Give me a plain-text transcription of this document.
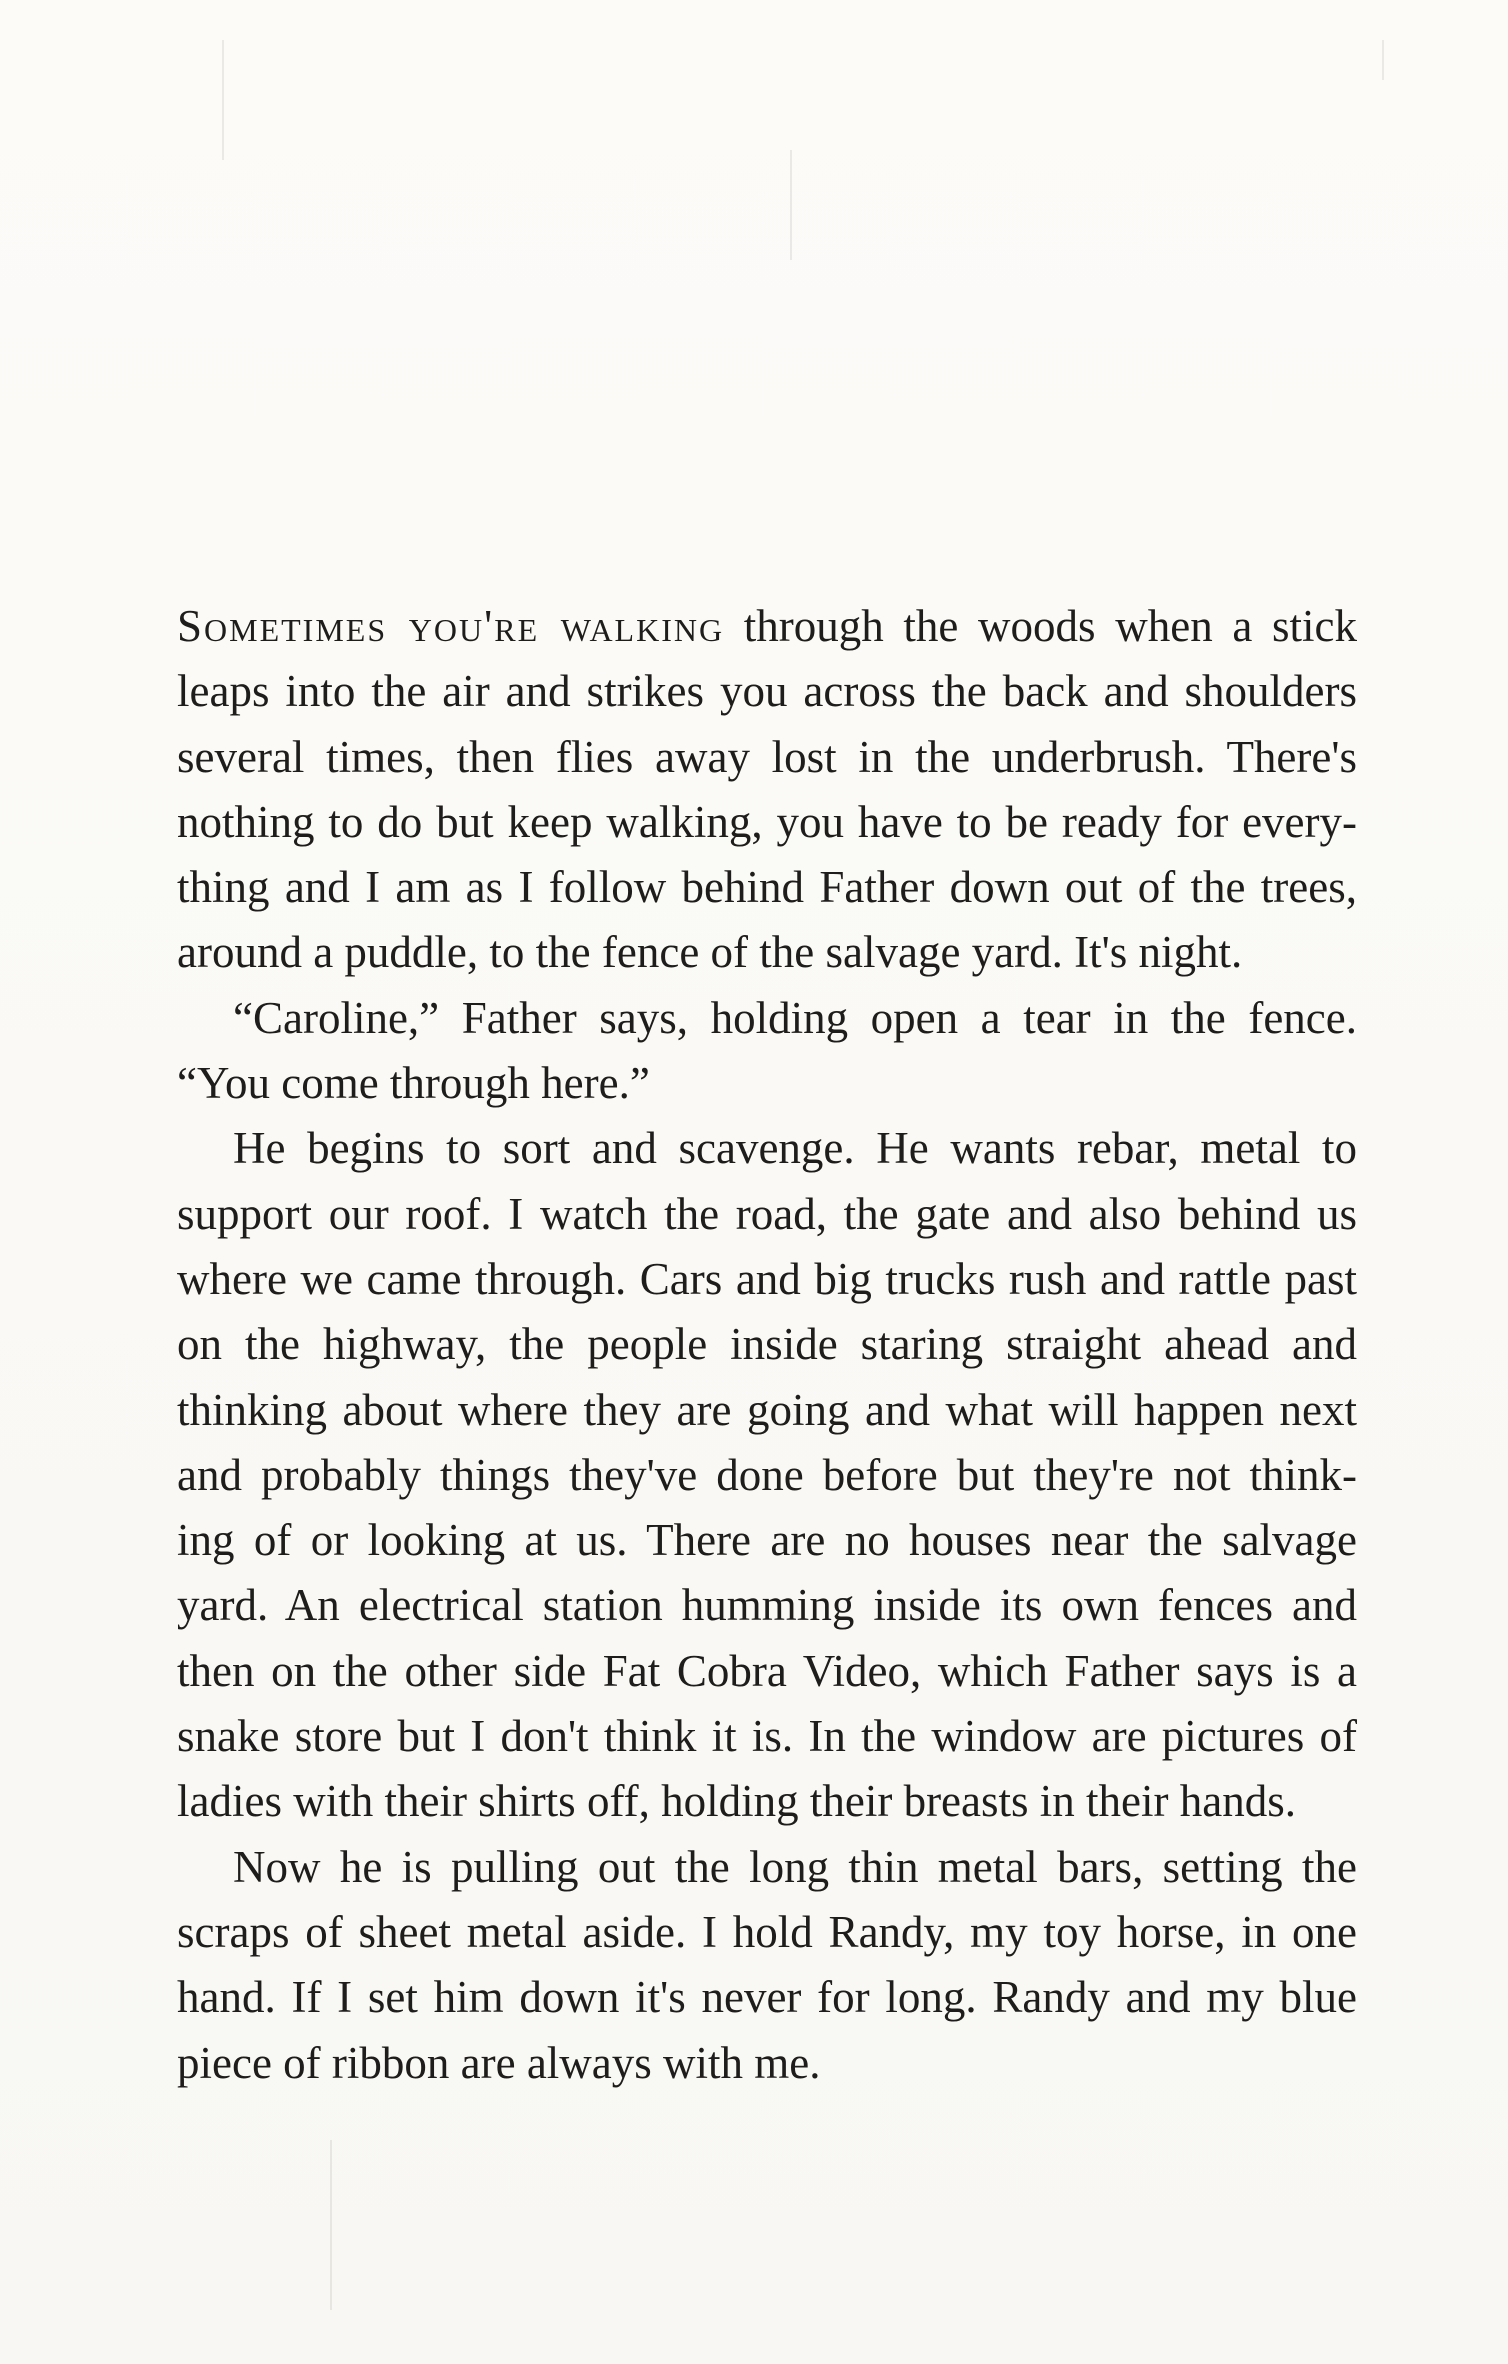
Sometimes you're walking through the woods when a stick

leaps into the air and strikes you across the back and shoulders

several times, then flies away lost in the underbrush. There's

nothing to do but keep walking, you have to be ready for every-

thing and I am as I follow behind Father down out of the trees,

around a puddle, to the fence of the salvage yard. It's night.

“Caroline,” Father says, holding open a tear in the fence.

“You come through here.”

He begins to sort and scavenge. He wants rebar, metal to

support our roof. I watch the road, the gate and also behind us

where we came through. Cars and big trucks rush and rattle past

on the highway, the people inside staring straight ahead and

thinking about where they are going and what will happen next

and probably things they've done before but they're not think-

ing of or looking at us. There are no houses near the salvage

yard. An electrical station humming inside its own fences and

then on the other side Fat Cobra Video, which Father says is a

snake store but I don't think it is. In the window are pictures of

ladies with their shirts off, holding their breasts in their hands.

Now he is pulling out the long thin metal bars, setting the

scraps of sheet metal aside. I hold Randy, my toy horse, in one

hand. If I set him down it's never for long. Randy and my blue

piece of ribbon are always with me.
